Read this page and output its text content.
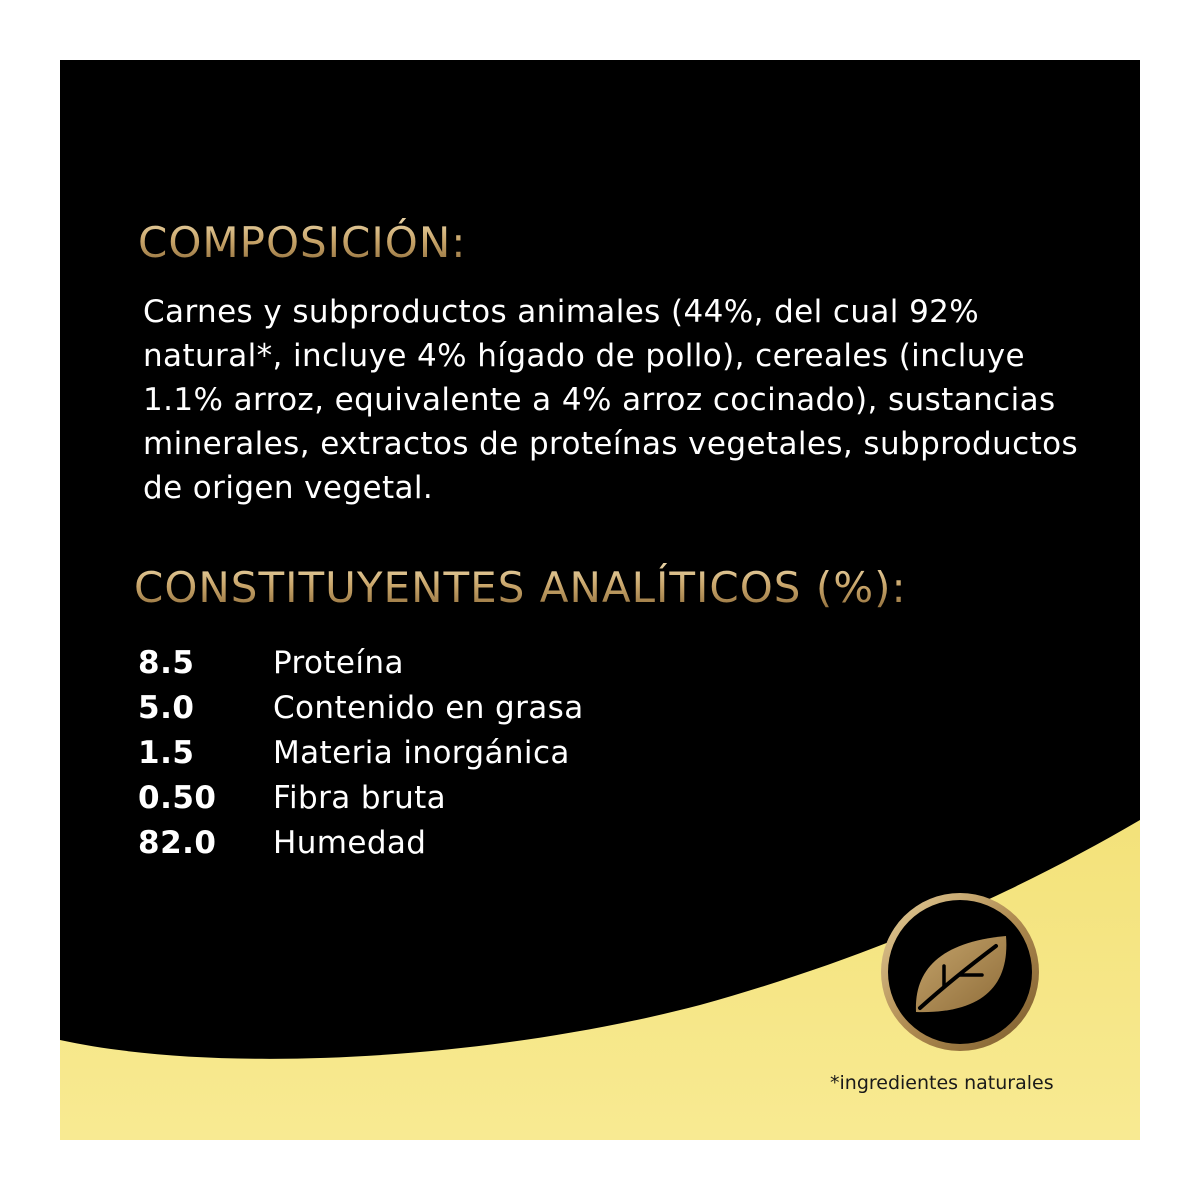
COMPOSICIÓN:

Carnes y subproductos animales (44%, del cual 92% natural*, incluye 4% hígado de pollo), cereales (incluye 1.1% arroz, equivalente a 4% arroz cocinado), sustancias minerales, extractos de proteínas vegetales, subproductos de origen vegetal.

CONSTITUYENTES ANALÍTICOS (%):
8.5	Proteína
5.0	Contenido en grasa
1.5	Materia inorgánica
0.50	Fibra bruta
82.0	Humedad

*ingredientes naturales
